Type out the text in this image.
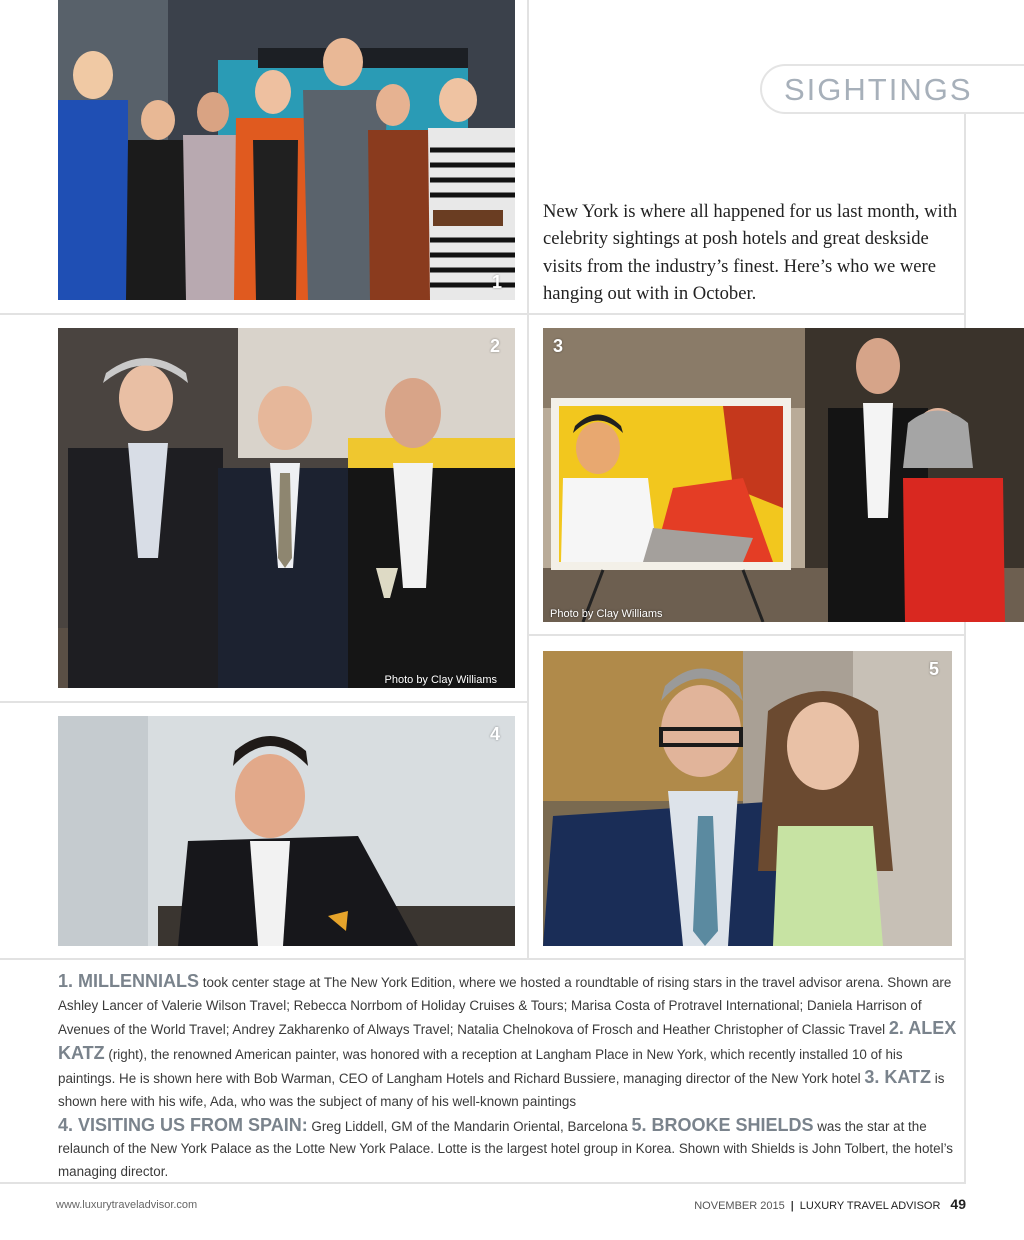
SIGHTINGS
New York is where all happened for us last month, with celebrity sightings at posh hotels and great deskside visits from the industry’s finest. Here’s who we were hanging out with in October.
1
2
Photo by Clay Williams
3
Photo by Clay Williams
4
5
1. MILLENNIALS took center stage at The New York Edition, where we hosted a roundtable of rising stars in the travel advisor arena. Shown are Ashley Lancer of Valerie Wilson Travel; Rebecca Norrbom of Holiday Cruises & Tours; Marisa Costa of Protravel International; Daniela Harrison of Avenues of the World Travel; Andrey Zakharenko of Always Travel; Natalia Chelnokova of Frosch and Heather Christopher of Classic Travel 2. ALEX KATZ (right), the renowned American painter, was honored with a reception at Langham Place in New York, which recently installed 10 of his paintings. He is shown here with Bob Warman, CEO of Langham Hotels and Richard Bussiere, managing director of the New York hotel 3. KATZ is shown here with his wife, Ada, who was the subject of many of his well-known paintings
4. VISITING US FROM SPAIN: Greg Liddell, GM of the Mandarin Oriental, Barcelona 5. BROOKE SHIELDS was the star at the relaunch of the New York Palace as the Lotte New York Palace. Lotte is the largest hotel group in Korea. Shown with Shields is John Tolbert, the hotel’s managing director.
www.luxurytraveladvisor.com	NOVEMBER 2015 | LUXURY TRAVEL ADVISOR 49
